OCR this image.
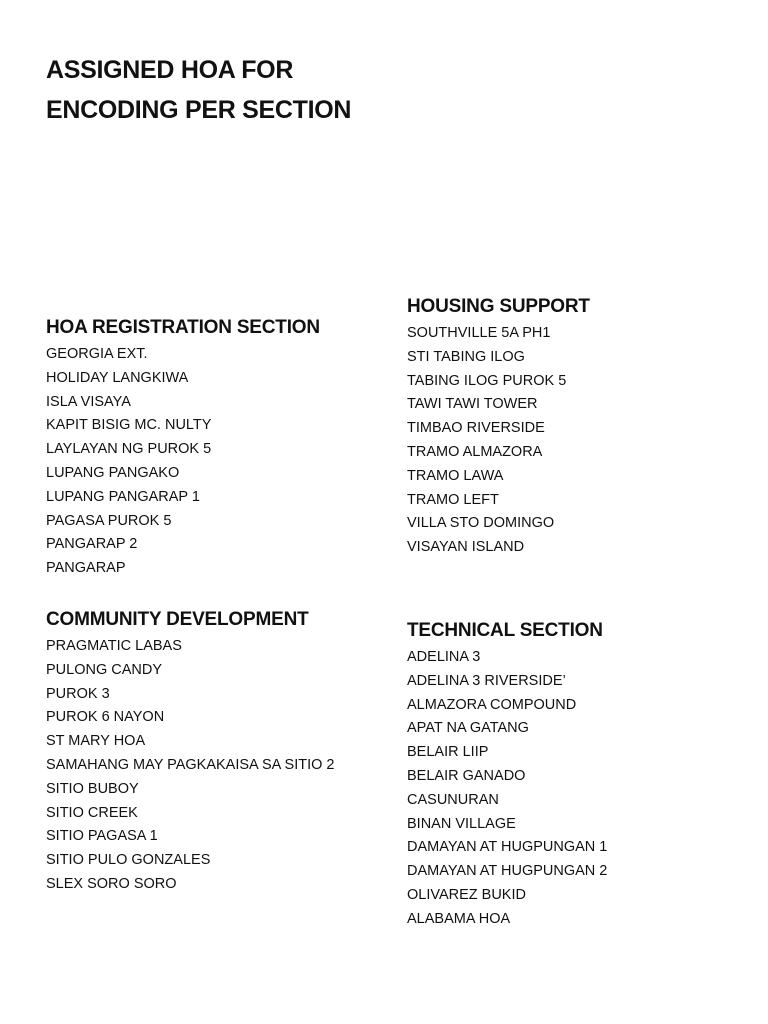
ASSIGNED HOA FOR
ENCODING PER SECTION
HOA REGISTRATION SECTION
GEORGIA EXT.
HOLIDAY LANGKIWA
ISLA VISAYA
KAPIT BISIG MC. NULTY
LAYLAYAN NG PUROK 5
LUPANG PANGAKO
LUPANG PANGARAP 1
PAGASA PUROK 5
PANGARAP 2
PANGARAP
HOUSING SUPPORT
SOUTHVILLE 5A PH1
STI TABING ILOG
TABING ILOG PUROK 5
TAWI TAWI TOWER
TIMBAO RIVERSIDE
TRAMO ALMAZORA
TRAMO LAWA
TRAMO LEFT
VILLA STO DOMINGO
VISAYAN ISLAND
COMMUNITY DEVELOPMENT
PRAGMATIC LABAS
PULONG CANDY
PUROK 3
PUROK 6 NAYON
ST MARY HOA
SAMAHANG MAY PAGKAKAISA SA SITIO 2
SITIO BUBOY
SITIO CREEK
SITIO PAGASA 1
SITIO PULO GONZALES
SLEX SORO SORO
TECHNICAL SECTION
ADELINA 3
ADELINA 3 RIVERSIDE’
ALMAZORA COMPOUND
APAT NA GATANG
BELAIR LIIP
BELAIR GANADO
CASUNURAN
BINAN VILLAGE
DAMAYAN AT HUGPUNGAN 1
DAMAYAN AT HUGPUNGAN 2
OLIVAREZ BUKID
ALABAMA HOA
